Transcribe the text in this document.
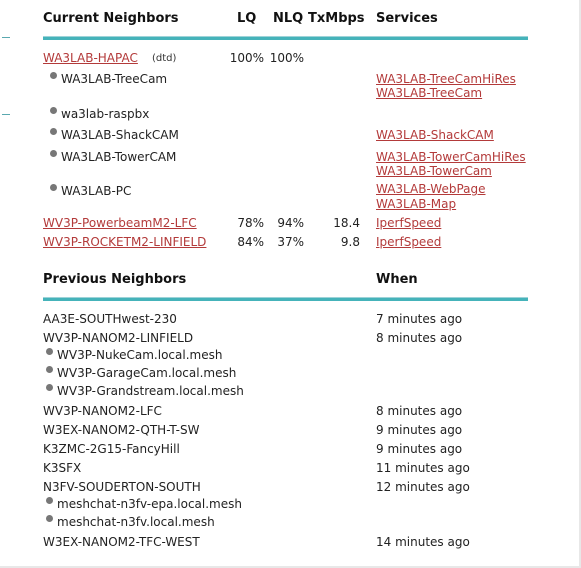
Current Neighbors	LQ NLQ TxMbps Services
WA3LAB-HAPAC (dtd)	100% 100%
WA3LAB-TreeCam	WA3LAB-TreeCamHiRes
WA3LAB-TreeCam
wa3lab-raspbx
WA3LAB-ShackCAM	WA3LAB-ShackCAM
WA3LAB-TowerCAM	WA3LAB-TowerCamHiRes
WA3LAB-TowerCam
WA3LAB-PC	WA3LAB-WebPage
WA3LAB-Map
WV3P-PowerbeamM2-LFC	78%	94%	18.4 IperfSpeed
WV3P-ROCKETM2-LINFIELD	84%	37%	9.8 IperfSpeed
Previous Neighbors	When
AA3E-SOUTHwest-230	7 minutes ago
WV3P-NANOM2-LINFIELD	8 minutes ago
WV3P-NukeCam.local.mesh
WV3P-GarageCam.local.mesh
WV3P-Grandstream.local.mesh
WV3P-NANOM2-LFC	8 minutes ago
W3EX-NANOM2-QTH-T-SW	9 minutes ago
K3ZMC-2G15-FancyHill	9 minutes ago
K3SFX	11 minutes ago
N3FV-SOUDERTON-SOUTH	12 minutes ago
meshchat-n3fv-epa.local.mesh
meshchat-n3fv.local.mesh
W3EX-NANOM2-TFC-WEST	14 minutes ago
